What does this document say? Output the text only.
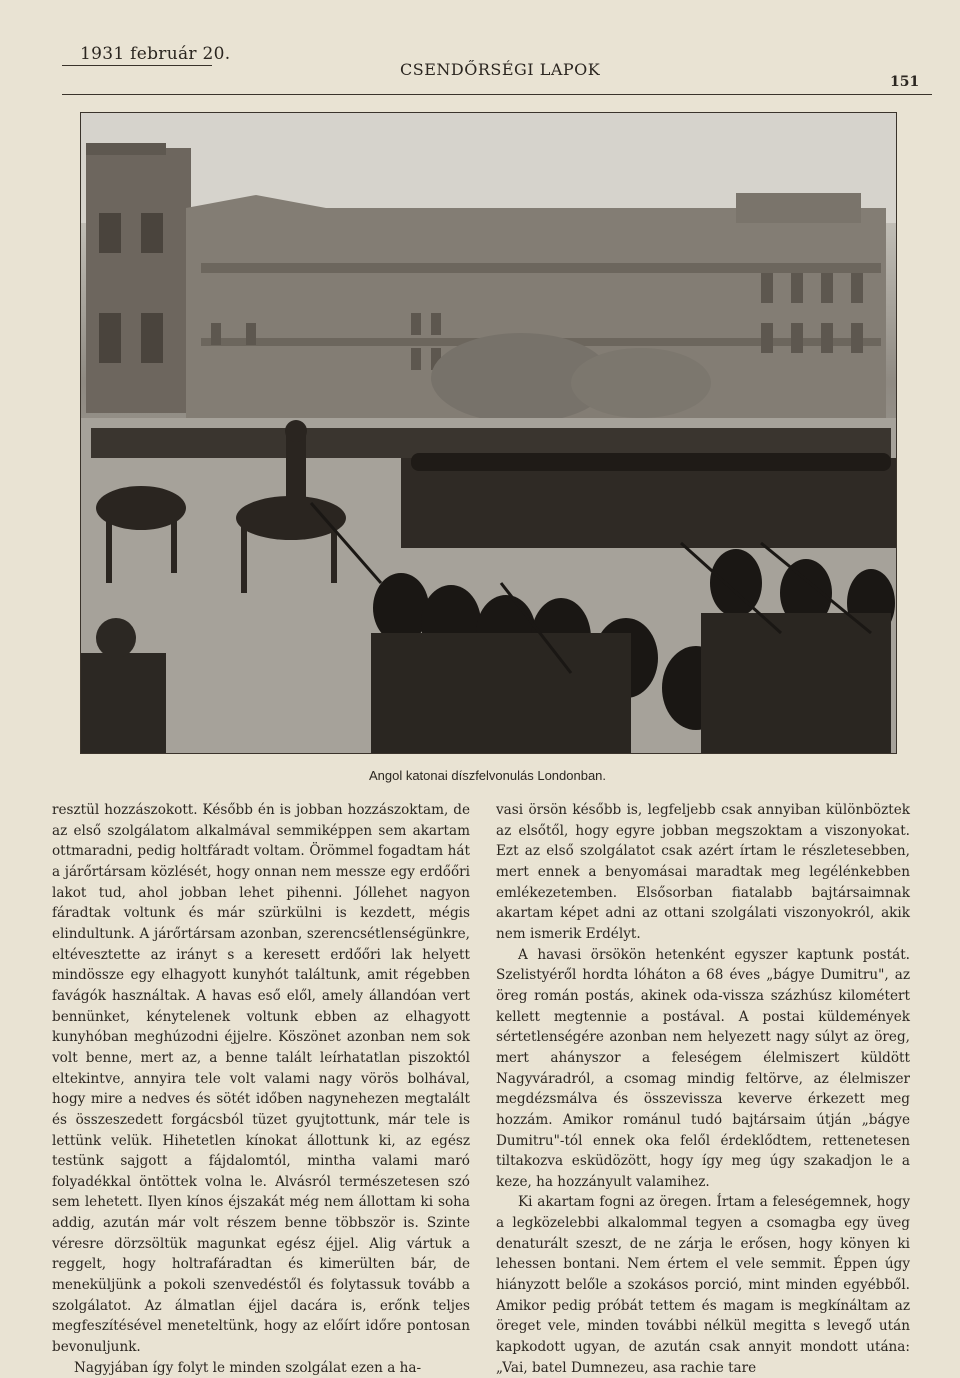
1931 február 20.
CSENDŐRSÉGI LAPOK
151
Angol katonai díszfelvonulás Londonban.

resztül hozzászokott. Később én is jobban hozzászoktam, de az első szolgálatom alkalmával semmiképpen sem akartam ottmaradni, pedig holtfáradt voltam. Örömmel fogadtam hát a járőrtársam közlését, hogy onnan nem messze egy erdőőri lakot tud, ahol jobban lehet pihenni. Jóllehet nagyon fáradtak voltunk és már szürkülni is kezdett, mégis elindultunk. A járőrtársam azonban, szerencsétlenségünkre, eltévesztette az irányt s a keresett erdőőri lak helyett mindössze egy elhagyott kunyhót találtunk, amit régebben favágók használtak. A havas eső elől, amely állandóan vert bennünket, kénytelenek voltunk ebben az elhagyott kunyhóban meghúzodni éjjelre. Köszönet azonban nem sok volt benne, mert az, a benne talált leírhatatlan piszoktól eltekintve, annyira tele volt valami nagy vörös bolhával, hogy mire a nedves és sötét időben nagynehezen megtalált és összeszedett forgácsból tüzet gyujtottunk, már tele is lettünk velük. Hihetetlen kínokat állottunk ki, az egész testünk sajgott a fájdalomtól, mintha valami maró folyadékkal öntöttek volna le. Alvásról természetesen szó sem lehetett. Ilyen kínos éjszakát még nem állottam ki soha addig, azután már volt részem benne többször is. Szinte véresre dörzsöltük magunkat egész éjjel. Alig vártuk a reggelt, hogy holtrafáradtan és kimerülten bár, de meneküljünk a pokoli szenvedéstől és folytassuk tovább a szolgálatot. Az álmatlan éjjel dacára is, erőnk teljes megfeszítésével meneteltünk, hogy az előírt időre pontosan bevonuljunk.

Nagyjában így folyt le minden szolgálat ezen a ha-

vasi örsön később is, legfeljebb csak annyiban különböztek az elsőtől, hogy egyre jobban megszoktam a viszonyokat. Ezt az első szolgálatot csak azért írtam le részletesebben, mert ennek a benyomásai maradtak meg legélénkebben emlékezetemben. Elsősorban fiatalabb bajtársaimnak akartam képet adni az ottani szolgálati viszonyokról, akik nem ismerik Erdélyt.

A havasi örsökön hetenként egyszer kaptunk postát. Szelistyéről hordta lóháton a 68 éves „bágye Dumitru", az öreg román postás, akinek oda-vissza százhúsz kilométert kellett megtennie a postával. A postai küldemények sértetlenségére azonban nem helyezett nagy súlyt az öreg, mert ahányszor a feleségem élelmiszert küldött Nagyváradról, a csomag mindig feltörve, az élelmiszer megdézsmálva és összevissza keverve érkezett meg hozzám. Amikor románul tudó bajtársaim útján „bágye Dumitru"-tól ennek oka felől érdeklődtem, rettenetesen tiltakozva esküdözött, hogy így meg úgy szakadjon le a keze, ha hozzányult valamihez.

Ki akartam fogni az öregen. Írtam a feleségemnek, hogy a legközelebbi alkalommal tegyen a csomagba egy üveg denaturált szeszt, de ne zárja le erősen, hogy könyen ki lehessen bontani. Nem értem el vele semmit. Éppen úgy hiányzott belőle a szokásos porció, mint minden egyébből. Amikor pedig próbát tettem és magam is megkínáltam az öreget vele, minden további nélkül megitta s levegő után kapkodott ugyan, de azután csak annyit mondott utána: „Vai, batel Dumnezeu, asa rachie tare
